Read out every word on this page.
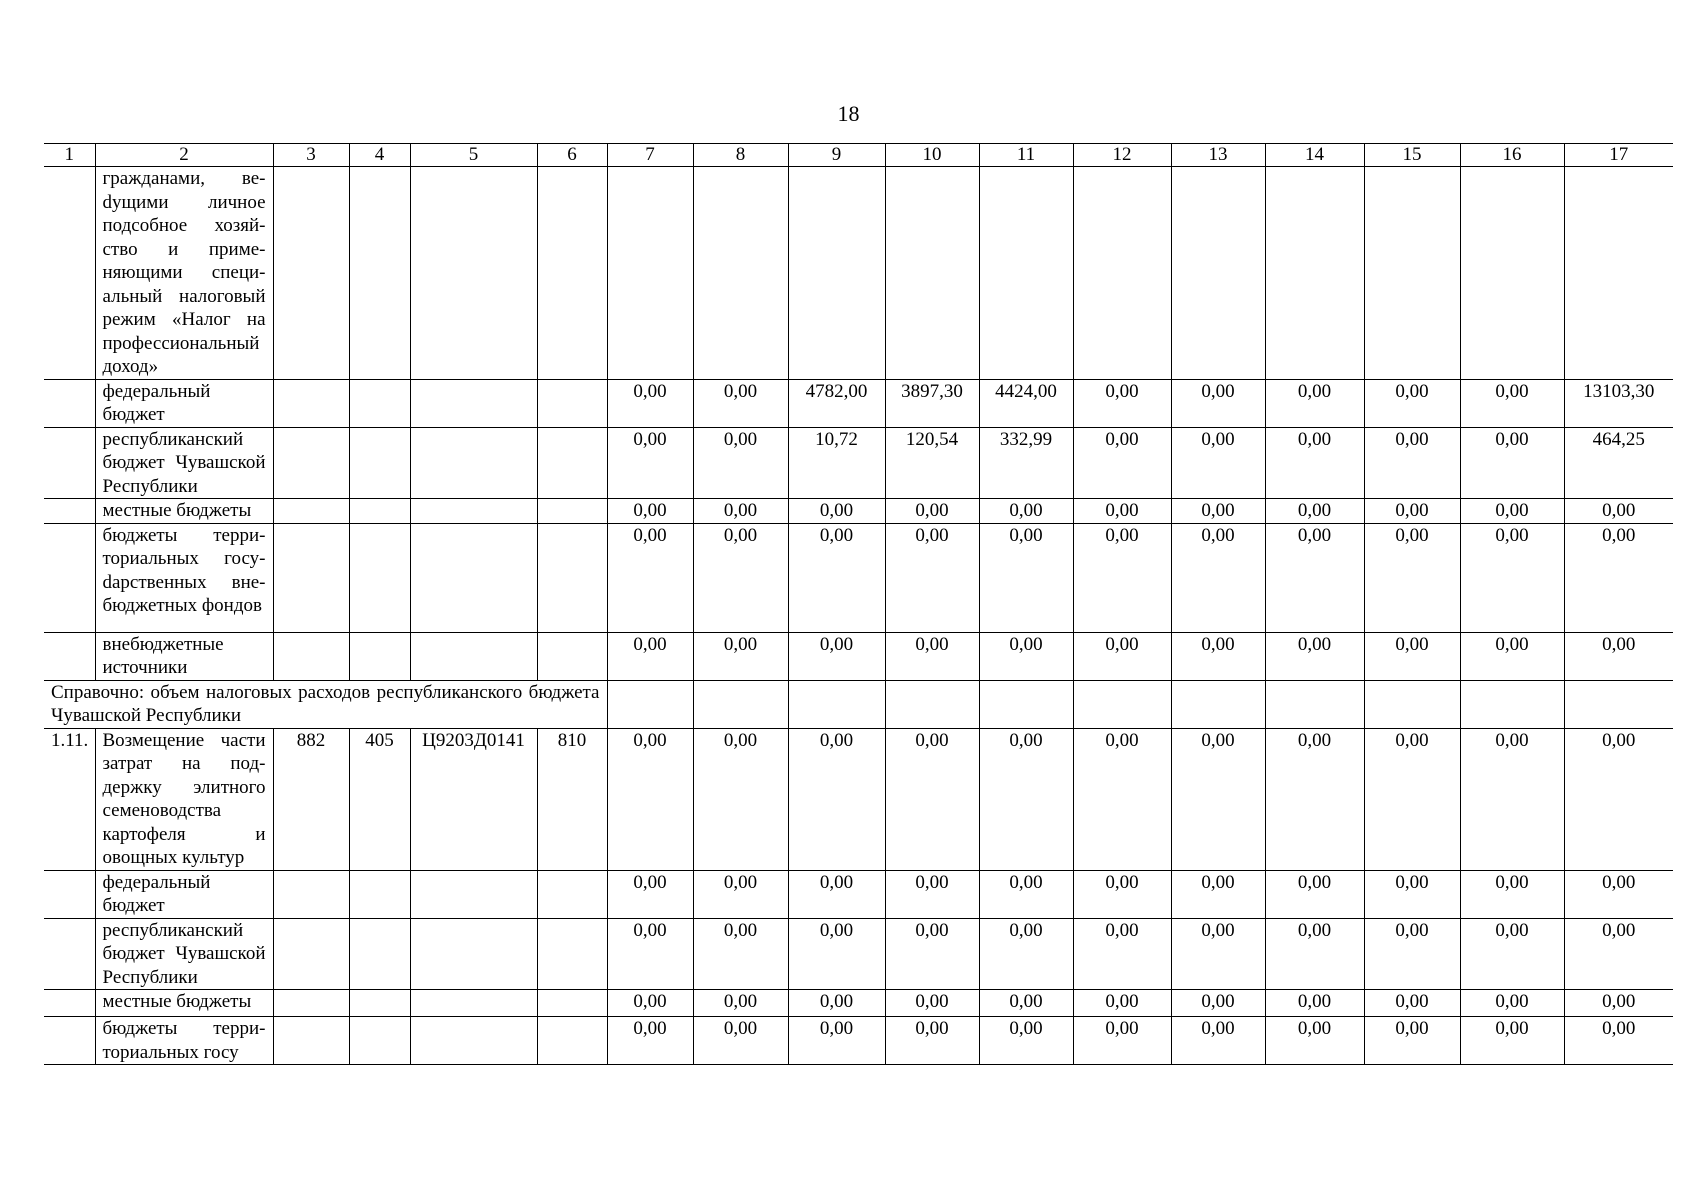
18
1	2	3	4	5	6	7	8	9	10	11	12	13	14	15	16	17
	гражданами, веdущими личное подсобное хозяйство и применяющими специальный налоговый режим «Налог на профессиональный доход»															
	федеральный бюджет					0,00	0,00	4782,00	3897,30	4424,00	0,00	0,00	0,00	0,00	0,00	13103,30
	республиканский бюджет Чувашской Республики					0,00	0,00	10,72	120,54	332,99	0,00	0,00	0,00	0,00	0,00	464,25
	местные бюджеты					0,00	0,00	0,00	0,00	0,00	0,00	0,00	0,00	0,00	0,00	0,00
	бюджеты территориальных госуdарственных внебюджетных фондов					0,00	0,00	0,00	0,00	0,00	0,00	0,00	0,00	0,00	0,00	0,00
	внебюджетные источники					0,00	0,00	0,00	0,00	0,00	0,00	0,00	0,00	0,00	0,00	0,00
Справочно: объем налоговых расходов республиканского бюджета Чувашской Республики																
1.11.	Возмещение части затрат на поддержку элитного семеноводства картофеля и овощных культур	882	405	Ц9203Д0141	810	0,00	0,00	0,00	0,00	0,00	0,00	0,00	0,00	0,00	0,00	0,00
	федеральный бюджет					0,00	0,00	0,00	0,00	0,00	0,00	0,00	0,00	0,00	0,00	0,00
	республиканский бюджет Чувашской Республики					0,00	0,00	0,00	0,00	0,00	0,00	0,00	0,00	0,00	0,00	0,00
	местные бюджеты					0,00	0,00	0,00	0,00	0,00	0,00	0,00	0,00	0,00	0,00	0,00
	бюджеты территориальных госу					0,00	0,00	0,00	0,00	0,00	0,00	0,00	0,00	0,00	0,00	0,00
